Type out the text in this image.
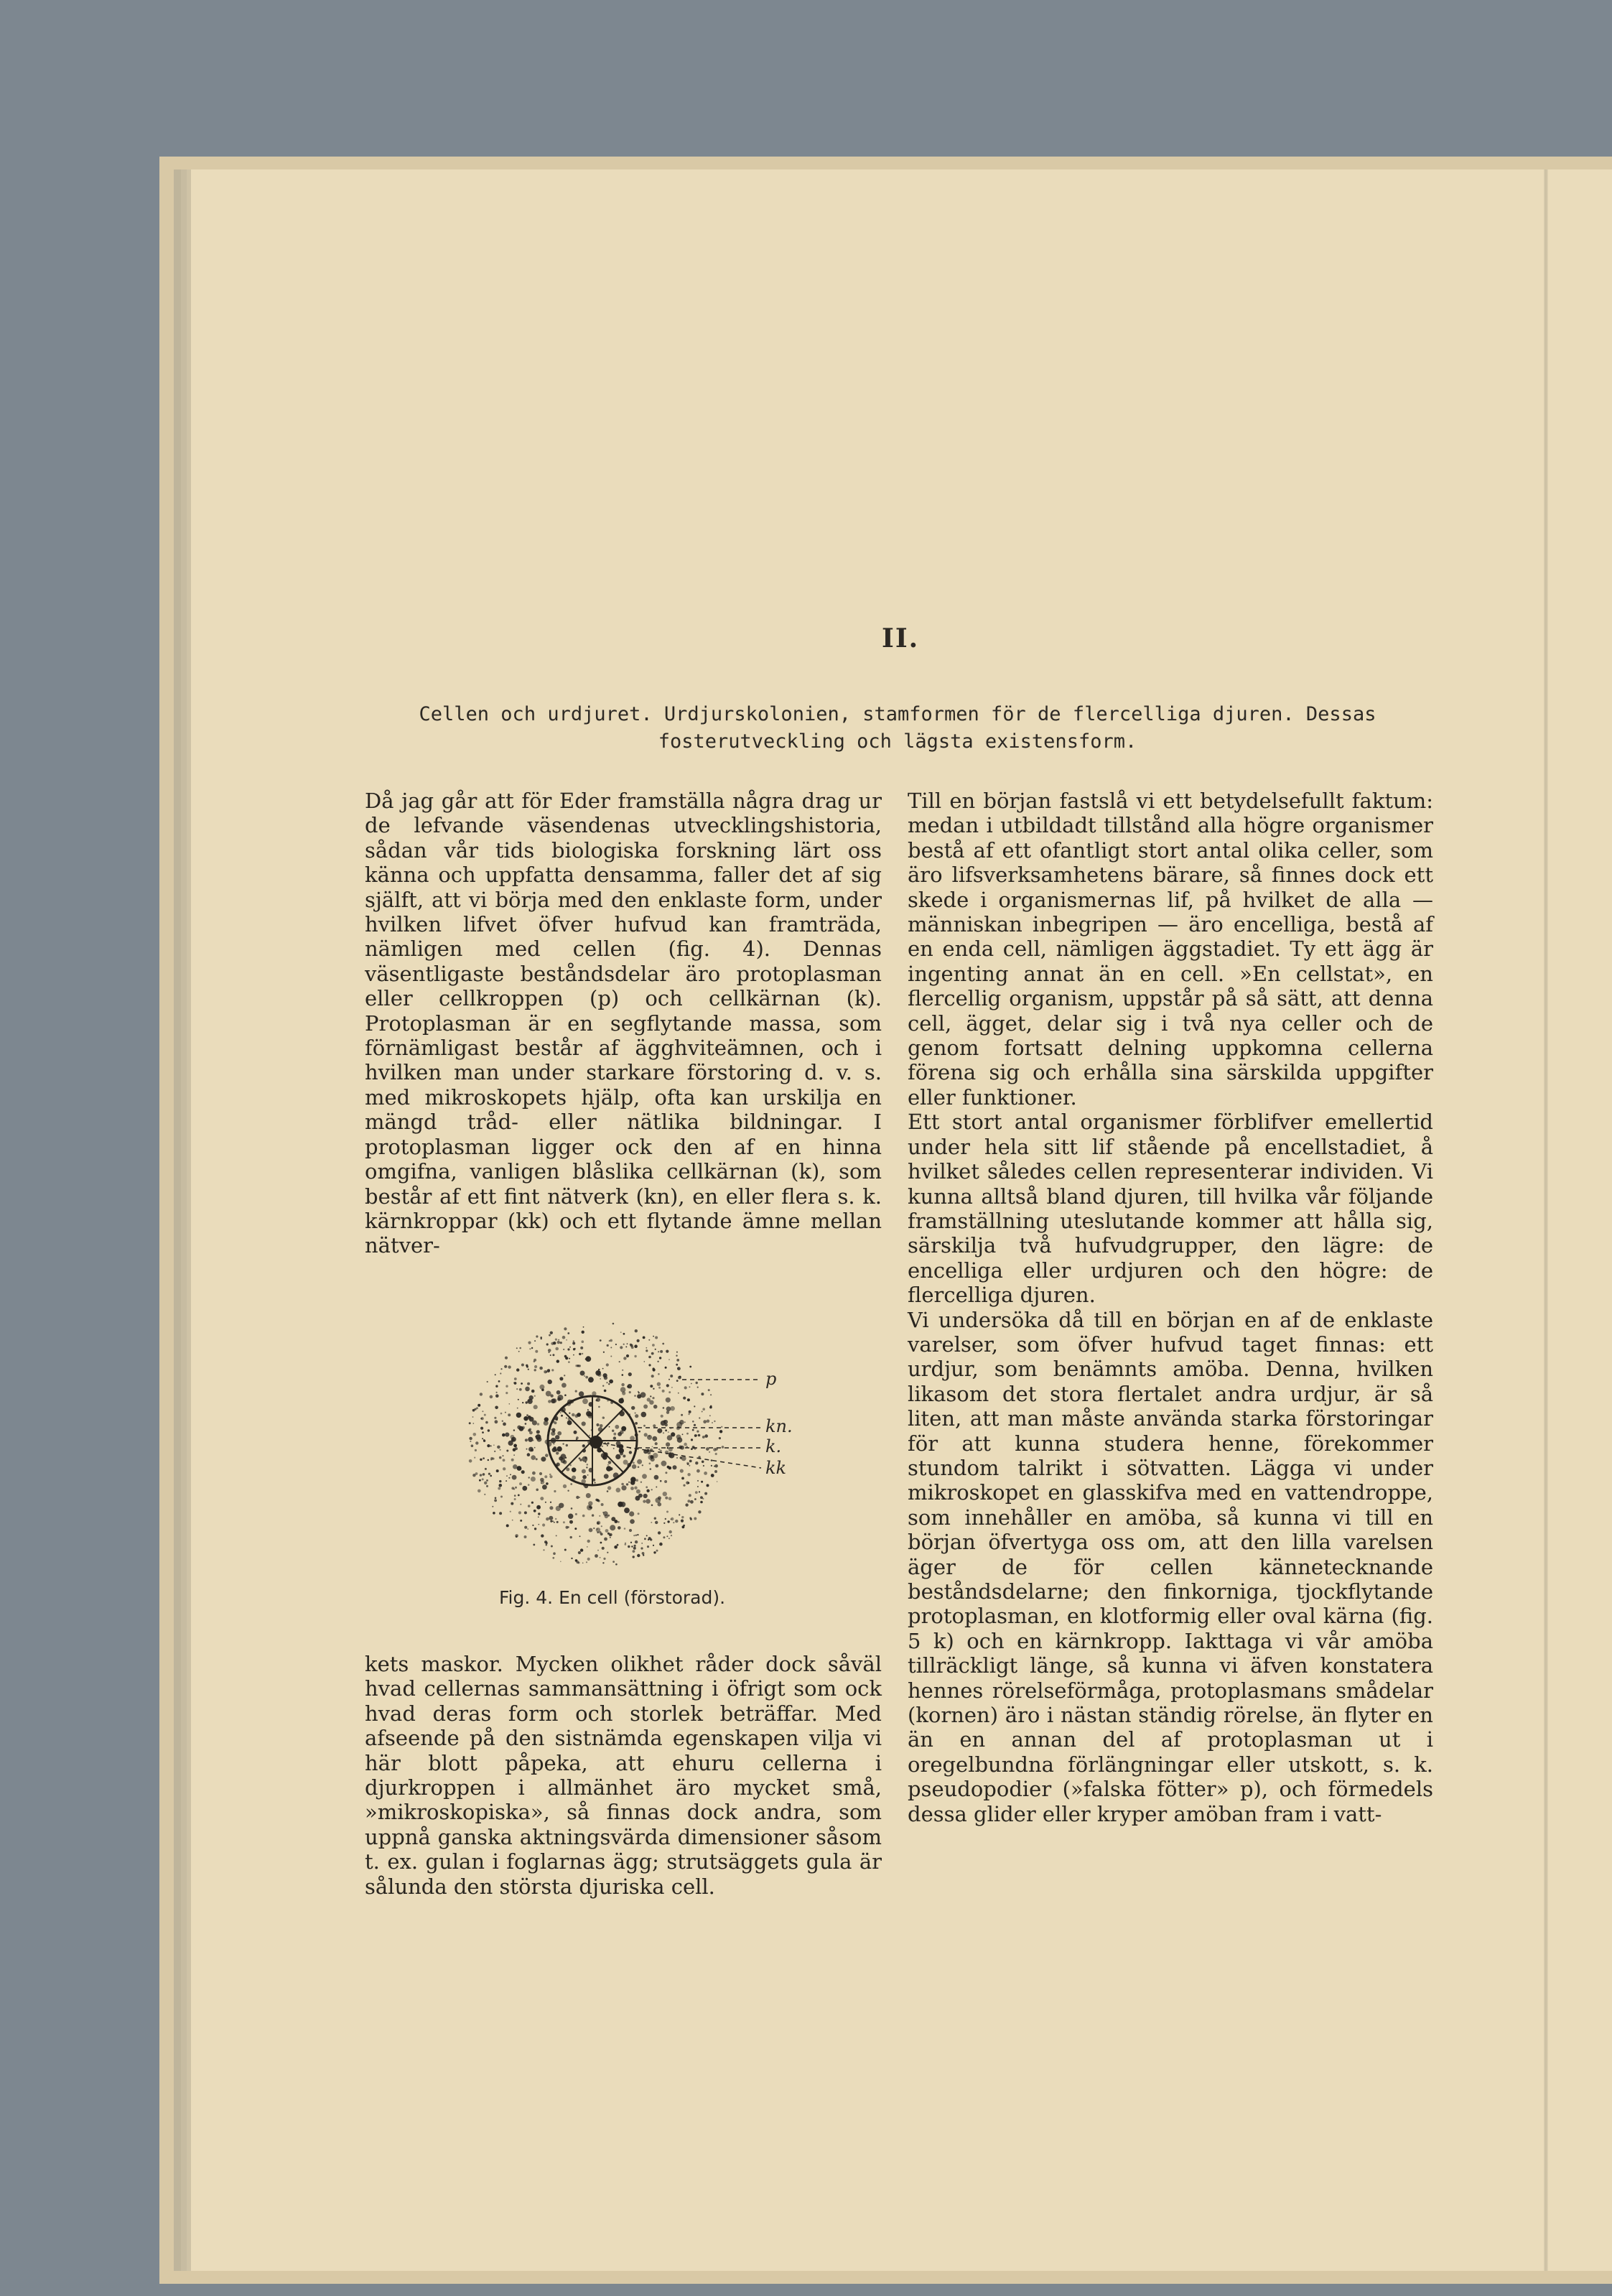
II.
Cellen och urdjuret. Urdjurskolonien, stamformen för de flercelliga djuren. Dessas fosterutveckling och lägsta existensform.
Då jag går att för Eder framställa några drag ur de lefvande väsendenas utvecklingshistoria, sådan vår tids biologiska forskning lärt oss känna och uppfatta densamma, faller det af sig själft, att vi börja med den enklaste form, under hvilken lifvet öfver hufvud kan framträda, nämligen med cellen (fig. 4). Dennas väsentligaste beståndsdelar äro protoplasman eller cellkroppen (p) och cellkärnan (k). Protoplasman är en segflytande massa, som förnämligast består af ägghviteämnen, och i hvilken man under starkare förstoring d. v. s. med mikroskopets hjälp, ofta kan urskilja en mängd tråd- eller nätlika bildningar. I protoplasman ligger ock den af en hinna omgifna, vanligen blåslika cellkärnan (k), som består af ett fint nätverk (kn), en eller flera s. k. kärnkroppar (kk) och ett flytande ämne mellan nätver-
p
kn.
k.
kk
Fig. 4. En cell (förstorad).
kets maskor. Mycken olikhet råder dock såväl hvad cellernas sammansättning i öfrigt som ock hvad deras form och storlek beträffar. Med afseende på den sistnämda egenskapen vilja vi här blott påpeka, att ehuru cellerna i djurkroppen i allmänhet äro mycket små, »mikroskopiska», så finnas dock andra, som uppnå ganska aktningsvärda dimensioner såsom t. ex. gulan i foglarnas ägg; strutsäggets gula är sålunda den största djuriska cell.
Till en början fastslå vi ett betydelsefullt faktum: medan i utbildadt tillstånd alla högre organismer bestå af ett ofantligt stort antal olika celler, som äro lifsverksamhetens bärare, så finnes dock ett skede i organismernas lif, på hvilket de alla — människan inbegripen — äro encelliga, bestå af en enda cell, nämligen äggstadiet. Ty ett ägg är ingenting annat än en cell. »En cellstat», en flercellig organism, uppstår på så sätt, att denna cell, ägget, delar sig i två nya celler och de genom fortsatt delning uppkomna cellerna förena sig och erhålla sina särskilda uppgifter eller funktioner.
Ett stort antal organismer förblifver emellertid under hela sitt lif stående på encellstadiet, å hvilket således cellen representerar individen. Vi kunna alltså bland djuren, till hvilka vår följande framställning uteslutande kommer att hålla sig, särskilja två hufvudgrupper, den lägre: de encelliga eller urdjuren och den högre: de flercelliga djuren.
Vi undersöka då till en början en af de enklaste varelser, som öfver hufvud taget finnas: ett urdjur, som benämnts amöba. Denna, hvilken likasom det stora flertalet andra urdjur, är så liten, att man måste använda starka förstoringar för att kunna studera henne, förekommer stundom talrikt i sötvatten. Lägga vi under mikroskopet en glasskifva med en vattendroppe, som innehåller en amöba, så kunna vi till en början öfvertyga oss om, att den lilla varelsen äger de för cellen kännetecknande beståndsdelarne; den finkorniga, tjockflytande protoplasman, en klotformig eller oval kärna (fig. 5 k) och en kärnkropp. Iakttaga vi vår amöba tillräckligt länge, så kunna vi äfven konstatera hennes rörelseförmåga, protoplasmans smådelar (kornen) äro i nästan ständig rörelse, än flyter en än en annan del af protoplasman ut i oregelbundna förlängningar eller utskott, s. k. pseudopodier (»falska fötter» p), och förmedels dessa glider eller kryper amöban fram i vatt-
